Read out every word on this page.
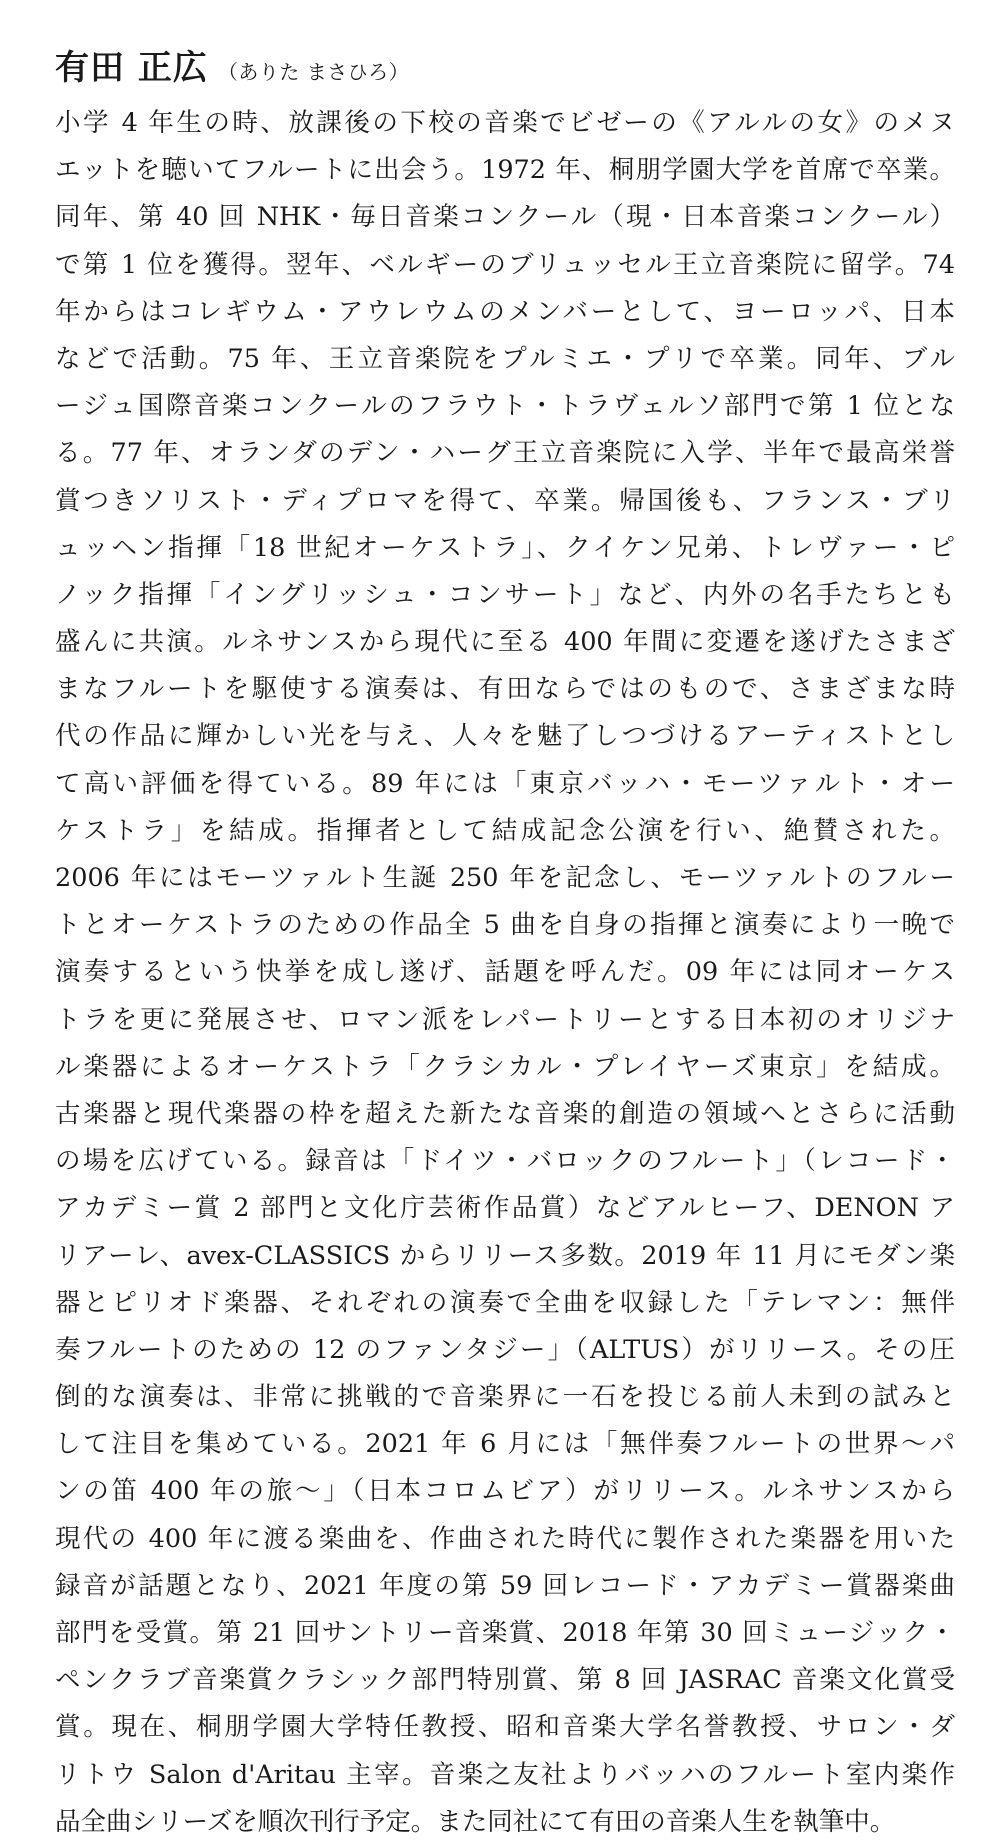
有田 正広 （ありた まさひろ）
小学 4 年生の時、放課後の下校の音楽でビゼーの《アルルの女》のメヌ
エットを聴いてフルートに出会う。1972 年、桐朋学園大学を首席で卒業。
同年、第 40 回 NHK・毎日音楽コンクール（現・日本音楽コンクール）
で第 1 位を獲得。翌年、ベルギーのブリュッセル王立音楽院に留学。74
年からはコレギウム・アウレウムのメンバーとして、ヨーロッパ、日本
などで活動。75 年、王立音楽院をプルミエ・プリで卒業。同年、ブル
ージュ国際音楽コンクールのフラウト・トラヴェルソ部門で第 1 位とな
る。77 年、オランダのデン・ハーグ王立音楽院に入学、半年で最高栄誉
賞つきソリスト・ディプロマを得て、卒業。帰国後も、フランス・ブリ
ュッヘン指揮「18 世紀オーケストラ」、クイケン兄弟、トレヴァー・ピ
ノック指揮「イングリッシュ・コンサート」など、内外の名手たちとも
盛んに共演。ルネサンスから現代に至る 400 年間に変遷を遂げたさまざ
まなフルートを駆使する演奏は、有田ならではのもので、さまざまな時
代の作品に輝かしい光を与え、人々を魅了しつづけるアーティストとし
て高い評価を得ている。89 年には「東京バッハ・モーツァルト・オー
ケストラ」を結成。指揮者として結成記念公演を行い、絶賛された。
2006 年にはモーツァルト生誕 250 年を記念し、モーツァルトのフルー
トとオーケストラのための作品全 5 曲を自身の指揮と演奏により一晩で
演奏するという快挙を成し遂げ、話題を呼んだ。09 年には同オーケス
トラを更に発展させ、ロマン派をレパートリーとする日本初のオリジナ
ル楽器によるオーケストラ「クラシカル・プレイヤーズ東京」を結成。
古楽器と現代楽器の枠を超えた新たな音楽的創造の領域へとさらに活動
の場を広げている。録音は「ドイツ・バロックのフルート」（レコード・
アカデミー賞 2 部門と文化庁芸術作品賞）などアルヒーフ、DENON ア
リアーレ、avex-CLASSICS からリリース多数。2019 年 11 月にモダン楽
器とピリオド楽器、それぞれの演奏で全曲を収録した「テレマン：無伴
奏フルートのための 12 のファンタジー」（ALTUS）がリリース。その圧
倒的な演奏は、非常に挑戦的で音楽界に一石を投じる前人未到の試みと
して注目を集めている。2021 年 6 月には「無伴奏フルートの世界〜パ
ンの笛 400 年の旅〜」（日本コロムビア）がリリース。ルネサンスから
現代の 400 年に渡る楽曲を、作曲された時代に製作された楽器を用いた
録音が話題となり、2021 年度の第 59 回レコード・アカデミー賞器楽曲
部門を受賞。第 21 回サントリー音楽賞、2018 年第 30 回ミュージック・
ペンクラブ音楽賞クラシック部門特別賞、第 8 回 JASRAC 音楽文化賞受
賞。現在、桐朋学園大学特任教授、昭和音楽大学名誉教授、サロン・ダ
リトウ Salon d'Aritau 主宰。音楽之友社よりバッハのフルート室内楽作
品全曲シリーズを順次刊行予定。また同社にて有田の音楽人生を執筆中。
